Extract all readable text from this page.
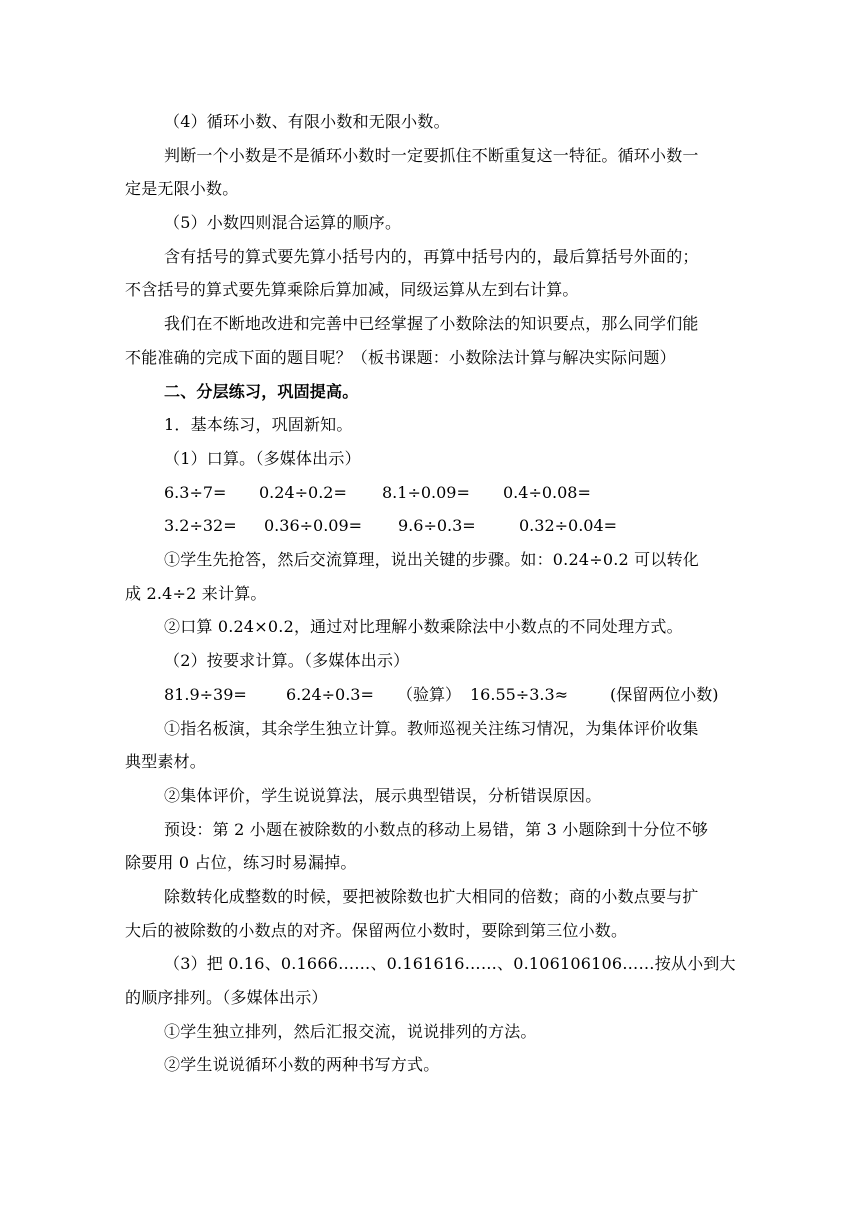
（4）循环小数、有限小数和无限小数。
判断一个小数是不是循环小数时一定要抓住不断重复这一特征。循环小数一
定是无限小数。
（5）小数四则混合运算的顺序。
含有括号的算式要先算小括号内的，再算中括号内的，最后算括号外面的；
不含括号的算式要先算乘除后算加减，同级运算从左到右计算。
我们在不断地改进和完善中已经掌握了小数除法的知识要点，那么同学们能
不能准确的完成下面的题目呢？（板书课题：小数除法计算与解决实际问题）
二、分层练习，巩固提高。
1．基本练习，巩固新知。
（1）口算。（多媒体出示）
6.3÷7= 0.24÷0.2= 8.1÷0.09= 0.4÷0.08=
3.2÷32= 0.36÷0.09= 9.6÷0.3=	0.32÷0.04=
①学生先抢答，然后交流算理，说出关键的步骤。如：0.24÷0.2 可以转化
成 2.4÷2 来计算。
②口算 0.24×0.2，通过对比理解小数乘除法中小数点的不同处理方式。
（2）按要求计算。（多媒体出示）
81.9÷39= 6.24÷0.3= （验算） 16.55÷3.3≈	(保留两位小数)
①指名板演，其余学生独立计算。教师巡视关注练习情况，为集体评价收集
典型素材。
②集体评价，学生说说算法，展示典型错误，分析错误原因。
预设：第 2 小题在被除数的小数点的移动上易错，第 3 小题除到十分位不够
除要用 0 占位，练习时易漏掉。
除数转化成整数的时候，要把被除数也扩大相同的倍数；商的小数点要与扩
大后的被除数的小数点的对齐。保留两位小数时，要除到第三位小数。
（3）把 0.16、0.1666……、0.161616……、0.106106106……按从小到大
的顺序排列。（多媒体出示）
①学生独立排列，然后汇报交流，说说排列的方法。
②学生说说循环小数的两种书写方式。
